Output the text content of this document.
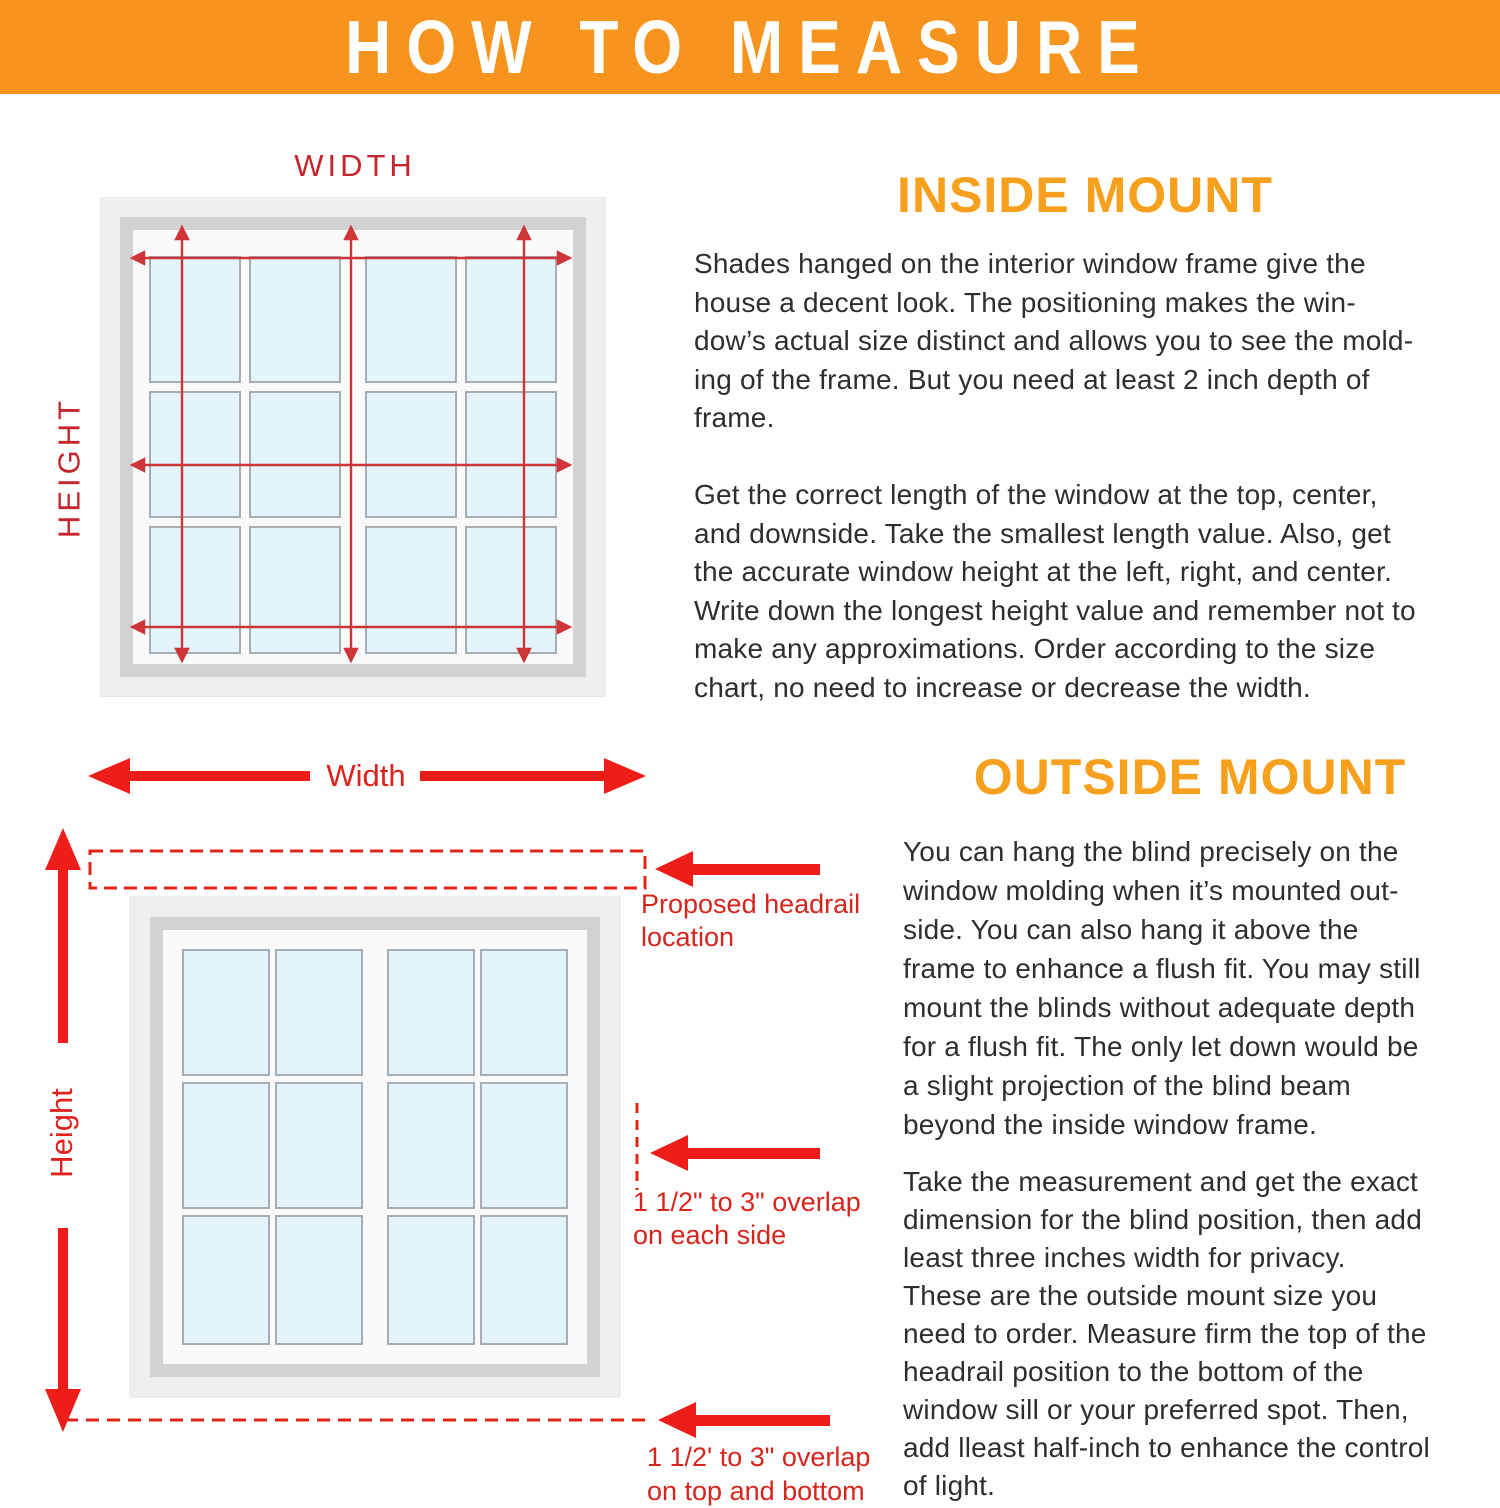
HOW TO MEASURE
WIDTH
HEIGHT
INSIDE MOUNT

Shades hanged on the interior window frame give the
house a decent look. The positioning makes the win-
dow’s actual size distinct and allows you to see the mold-
ing of the frame. But you need at least 2 inch depth of
frame.

Get the correct length of the window at the top, center,
and downside. Take the smallest length value. Also, get
the accurate window height at the left, right, and center.
Write down the longest height value and remember not to
make any approximations. Order according to the size
chart, no need to increase or decrease the width.

Width
Height
Proposed headrail
location
1 1/2" to 3" overlap
on each side
1 1/2' to 3" overlap
on top and bottom
OUTSIDE MOUNT

You can hang the blind precisely on the
window molding when it’s mounted out-
side. You can also hang it above the
frame to enhance a flush fit. You may still
mount the blinds without adequate depth
for a flush fit. The only let down would be
a slight projection of the blind beam
beyond the inside window frame.

Take the measurement and get the exact
dimension for the blind position, then add
least three inches width for privacy.
These are the outside mount size you
need to order. Measure firm the top of the
headrail position to the bottom of the
window sill or your preferred spot. Then,
add lleast half-inch to enhance the control
of light.
